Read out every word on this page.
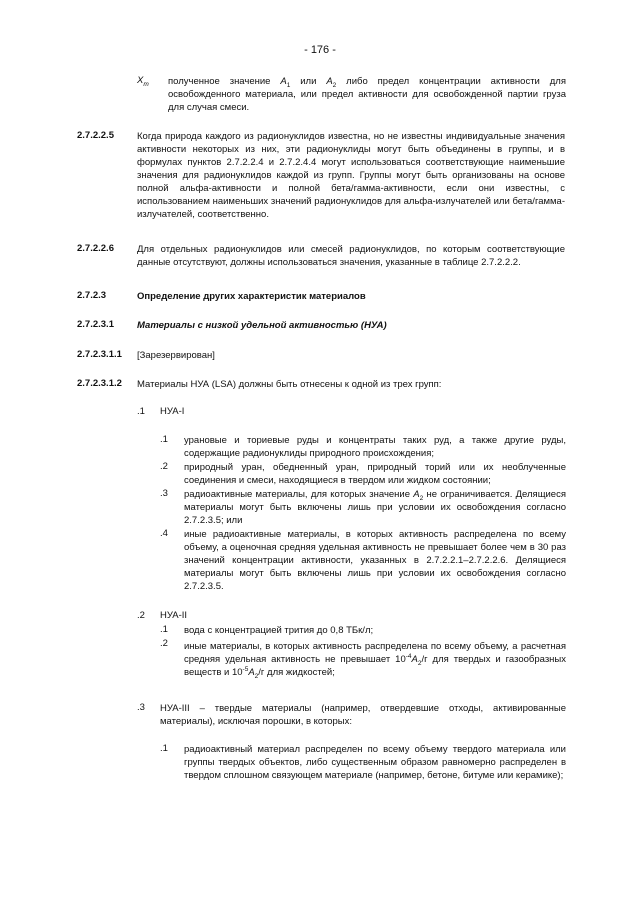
- 176 -
$X_m$ полученное значение $A_1$ или $A_2$ либо предел концентрации активности для освобожденного материала, или предел активности для освобожденной партии груза для случая смеси.
2.7.2.2.5 Когда природа каждого из радионуклидов известна, но не известны индивидуальные значения активности некоторых из них, эти радионуклиды могут быть объединены в группы, и в формулах пунктов 2.7.2.2.4 и 2.7.2.4.4 могут использоваться соответствующие наименьшие значения для радионуклидов каждой из групп. Группы могут быть организованы на основе полной альфа-активности и полной бета/гамма-активности, если они известны, с использованием наименьших значений радионуклидов для альфа-излучателей или бета/гамма-излучателей, соответственно.
2.7.2.2.6 Для отдельных радионуклидов или смесей радионуклидов, по которым соответствующие данные отсутствуют, должны использоваться значения, указанные в таблице 2.7.2.2.2.
2.7.2.3	Определение других характеристик материалов
2.7.2.3.1 Материалы с низкой удельной активностью (НУА)
2.7.2.3.1.1 [Зарезервирован]
2.7.2.3.1.2 Материалы НУА (LSA) должны быть отнесены к одной из трех групп:
.1 НУА-I
.1 урановые и ториевые руды и концентраты таких руд, а также другие руды, содержащие радионуклиды природного происхождения;
.2 природный уран, обедненный уран, природный торий или их необлученные соединения и смеси, находящиеся в твердом или жидком состоянии;
.3 радиоактивные материалы, для которых значение $A_2$ не ограничивается. Делящиеся материалы могут быть включены лишь при условии их освобождения согласно 2.7.2.3.5; или
.4 иные радиоактивные материалы, в которых активность распределена по всему объему, а оценочная средняя удельная активность не превышает более чем в 30 раз значений концентрации активности, указанных в 2.7.2.2.1–2.7.2.2.6. Делящиеся материалы могут быть включены лишь при условии их освобождения согласно 2.7.2.3.5.
.2 НУА-II
.1 вода с концентрацией трития до 0,8 ТБк/л;
.2 иные материалы, в которых активность распределена по всему объему, а расчетная средняя удельная активность не превышает $10^{-4}A_2/г$ для твердых и газообразных веществ и $10^{-5}A_2/г$ для жидкостей;
.3 НУА-III – твердые материалы (например, отвердевшие отходы, активированные материалы), исключая порошки, в которых:
.1 радиоактивный материал распределен по всему объему твердого материала или группы твердых объектов, либо существенным образом равномерно распределен в твердом сплошном связующем материале (например, бетоне, битуме или керамике);
